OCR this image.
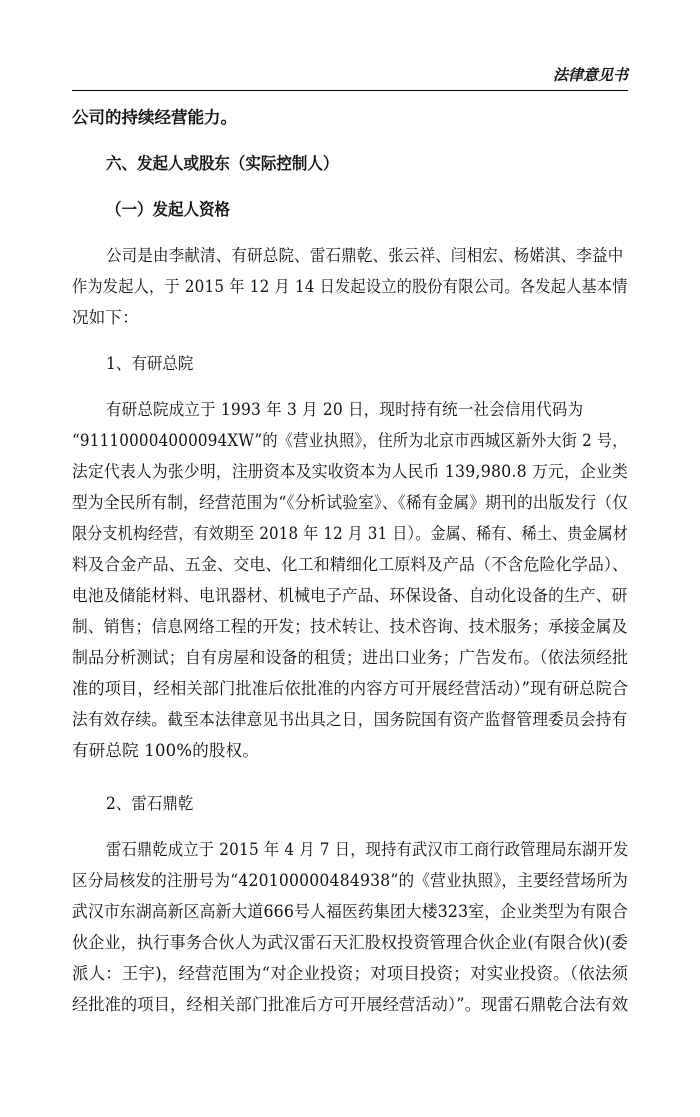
法律意见书
公司的持续经营能力。
六、发起人或股东（实际控制人）
（一）发起人资格
公司是由李献清、有研总院、雷石鼎乾、张云祥、闫相宏、杨婼淇、李益中
作为发起人，于 2015 年 12 月 14 日发起设立的股份有限公司。各发起人基本情
况如下：
1、有研总院
有研总院成立于 1993 年 3 月 20 日，现时持有统一社会信用代码为
“911100004000094XW”的《营业执照》，住所为北京市西城区新外大街 2 号，
法定代表人为张少明，注册资本及实收资本为人民币 139,980.8 万元，企业类
型为全民所有制，经营范围为“《分析试验室》、《稀有金属》期刊的出版发行（仅
限分支机构经营，有效期至 2018 年 12 月 31 日）。金属、稀有、稀土、贵金属材
料及合金产品、五金、交电、化工和精细化工原料及产品（不含危险化学品）、
电池及储能材料、电讯器材、机械电子产品、环保设备、自动化设备的生产、研
制、销售；信息网络工程的开发；技术转让、技术咨询、技术服务；承接金属及
制品分析测试；自有房屋和设备的租赁；进出口业务；广告发布。（依法须经批
准的项目，经相关部门批准后依批准的内容方可开展经营活动）”现有研总院合
法有效存续。截至本法律意见书出具之日，国务院国有资产监督管理委员会持有
有研总院 100%的股权。
2、雷石鼎乾
雷石鼎乾成立于 2015 年 4 月 7 日，现持有武汉市工商行政管理局东湖开发
区分局核发的注册号为“420100000484938”的《营业执照》，主要经营场所为
武汉市东湖高新区高新大道666号人福医药集团大楼323室，企业类型为有限合
伙企业，执行事务合伙人为武汉雷石天汇股权投资管理合伙企业(有限合伙)(委
派人：王宇)，经营范围为“对企业投资；对项目投资；对实业投资。（依法须
经批准的项目，经相关部门批准后方可开展经营活动）”。现雷石鼎乾合法有效
